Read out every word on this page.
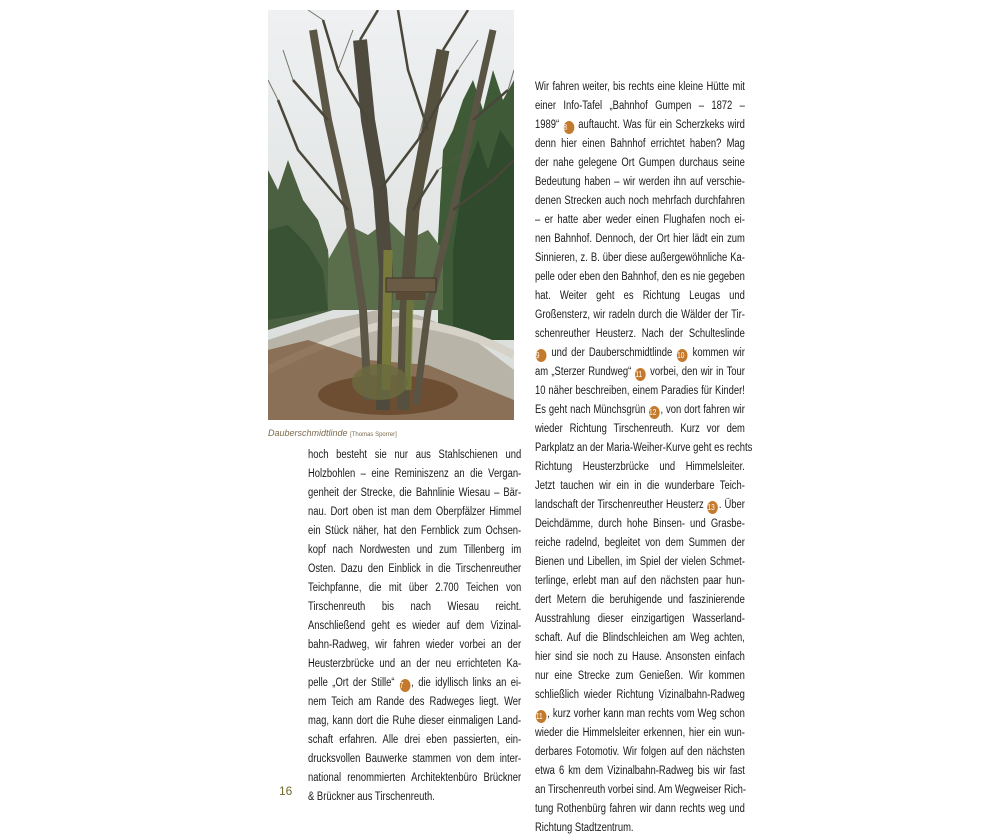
Dauberschmidtlinde [Thomas Sporrer]

hoch besteht sie nur aus Stahlschienen und

Holzbohlen – eine Reminiszenz an die Vergan-

genheit der Strecke, die Bahnlinie Wiesau – Bär-

nau. Dort oben ist man dem Oberpfälzer Himmel

ein Stück näher, hat den Fernblick zum Ochsen-

kopf nach Nordwesten und zum Tillenberg im

Osten. Dazu den Einblick in die Tirschenreuther

Teichpfanne, die mit über 2.700 Teichen von

Tirschenreuth bis nach Wiesau reicht.

Anschließend geht es wieder auf dem Vizinal-

bahn-Radweg, wir fahren wieder vorbei an der

Heusterzbrücke und an der neu errichteten Ka-

pelle „Ort der Stille“ 7 , die idyllisch links an ei-

nem Teich am Rande des Radweges liegt. Wer

mag, kann dort die Ruhe dieser einmaligen Land-

schaft erfahren. Alle drei eben passierten, ein-

drucksvollen Bauwerke stammen von dem inter-

national renommierten Architektenbüro Brückner

& Brückner aus Tirschenreuth.

Wir fahren weiter, bis rechts eine kleine Hütte mit

einer Info-Tafel „Bahnhof Gumpen – 1872 –

1989“ 8 auftaucht. Was für ein Scherzkeks wird

denn hier einen Bahnhof errichtet haben? Mag

der nahe gelegene Ort Gumpen durchaus seine

Bedeutung haben – wir werden ihn auf verschie-

denen Strecken auch noch mehrfach durchfahren

– er hatte aber weder einen Flughafen noch ei-

nen Bahnhof. Dennoch, der Ort hier lädt ein zum

Sinnieren, z. B. über diese außergewöhnliche Ka-

pelle oder eben den Bahnhof, den es nie gegeben

hat. Weiter geht es Richtung Leugas und

Großensterz, wir radeln durch die Wälder der Tir-

schenreuther Heusterz. Nach der Schulteslinde

9 und der Dauberschmidtlinde 10 kommen wir

am „Sterzer Rundweg“ 11 vorbei, den wir in Tour

10 näher beschreiben, einem Paradies für Kinder!

Es geht nach Münchsgrün 12 , von dort fahren wir

wieder Richtung Tirschenreuth. Kurz vor dem

Parkplatz an der Maria-Weiher-Kurve geht es rechts

Richtung Heusterzbrücke und Himmelsleiter.

Jetzt tauchen wir ein in die wunderbare Teich-

landschaft der Tirschenreuther Heusterz 13 . Über

Deichdämme, durch hohe Binsen- und Grasbe-

reiche radelnd, begleitet von dem Summen der

Bienen und Libellen, im Spiel der vielen Schmet-

terlinge, erlebt man auf den nächsten paar hun-

dert Metern die beruhigende und faszinierende

Ausstrahlung dieser einzigartigen Wasserland-

schaft. Auf die Blindschleichen am Weg achten,

hier sind sie noch zu Hause. Ansonsten einfach

nur eine Strecke zum Genießen. Wir kommen

schließlich wieder Richtung Vizinalbahn-Radweg

11 , kurz vorher kann man rechts vom Weg schon

wieder die Himmelsleiter erkennen, hier ein wun-

derbares Fotomotiv. Wir folgen auf den nächsten

etwa 6 km dem Vizinalbahn-Radweg bis wir fast

an Tirschenreuth vorbei sind. Am Wegweiser Rich-

tung Rothenbürg fahren wir dann rechts weg und

Richtung Stadtzentrum.

16
